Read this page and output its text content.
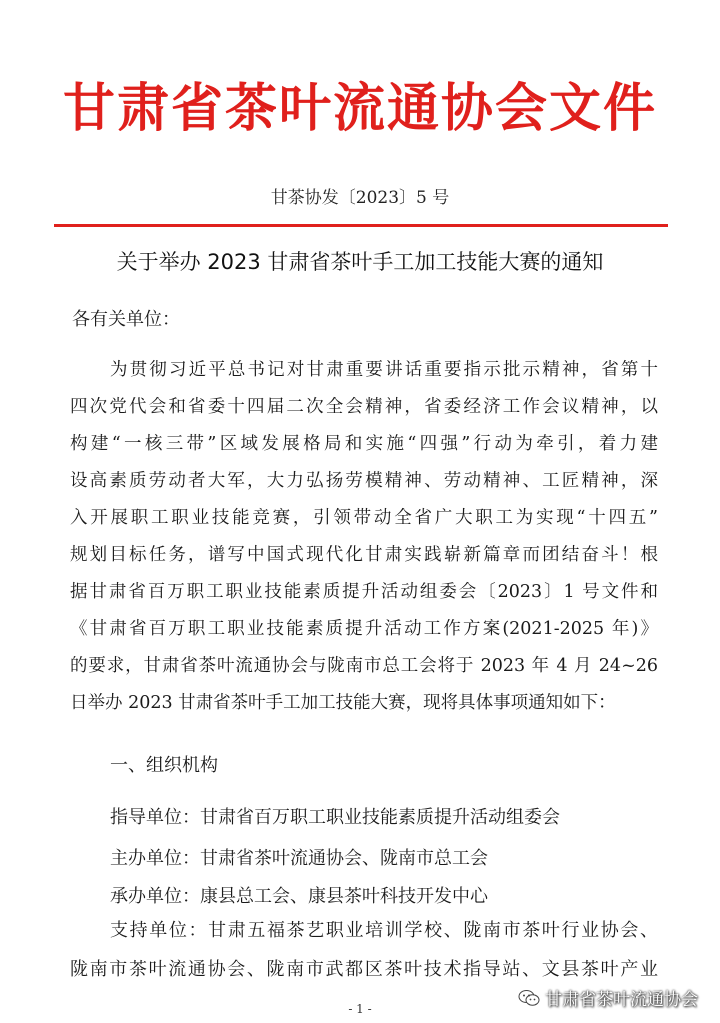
甘肃省茶叶流通协会文件
甘茶协发〔2023〕5 号
关于举办 2023 甘肃省茶叶手工加工技能大赛的通知
各有关单位：
为贯彻习近平总书记对甘肃重要讲话重要指示批示精神，省第十
四次党代会和省委十四届二次全会精神，省委经济工作会议精神，以
构建“一核三带”区域发展格局和实施“四强”行动为牵引，着力建
设高素质劳动者大军，大力弘扬劳模精神、劳动精神、工匠精神，深
入开展职工职业技能竞赛，引领带动全省广大职工为实现“十四五”
规划目标任务，谱写中国式现代化甘肃实践崭新篇章而团结奋斗！根
据甘肃省百万职工职业技能素质提升活动组委会〔2023〕1 号文件和
《甘肃省百万职工职业技能素质提升活动工作方案(2021-2025 年)》
的要求，甘肃省茶叶流通协会与陇南市总工会将于 2023 年 4 月 24~26
日举办 2023 甘肃省茶叶手工加工技能大赛，现将具体事项通知如下：
一、组织机构
指导单位：甘肃省百万职工职业技能素质提升活动组委会
主办单位：甘肃省茶叶流通协会、陇南市总工会
承办单位：康县总工会、康县茶叶科技开发中心
支持单位：甘肃五福茶艺职业培训学校、陇南市茶叶行业协会、
陇南市茶叶流通协会、陇南市武都区茶叶技术指导站、文县茶叶产业
- 1 -	甘肃省茶叶流通协会
